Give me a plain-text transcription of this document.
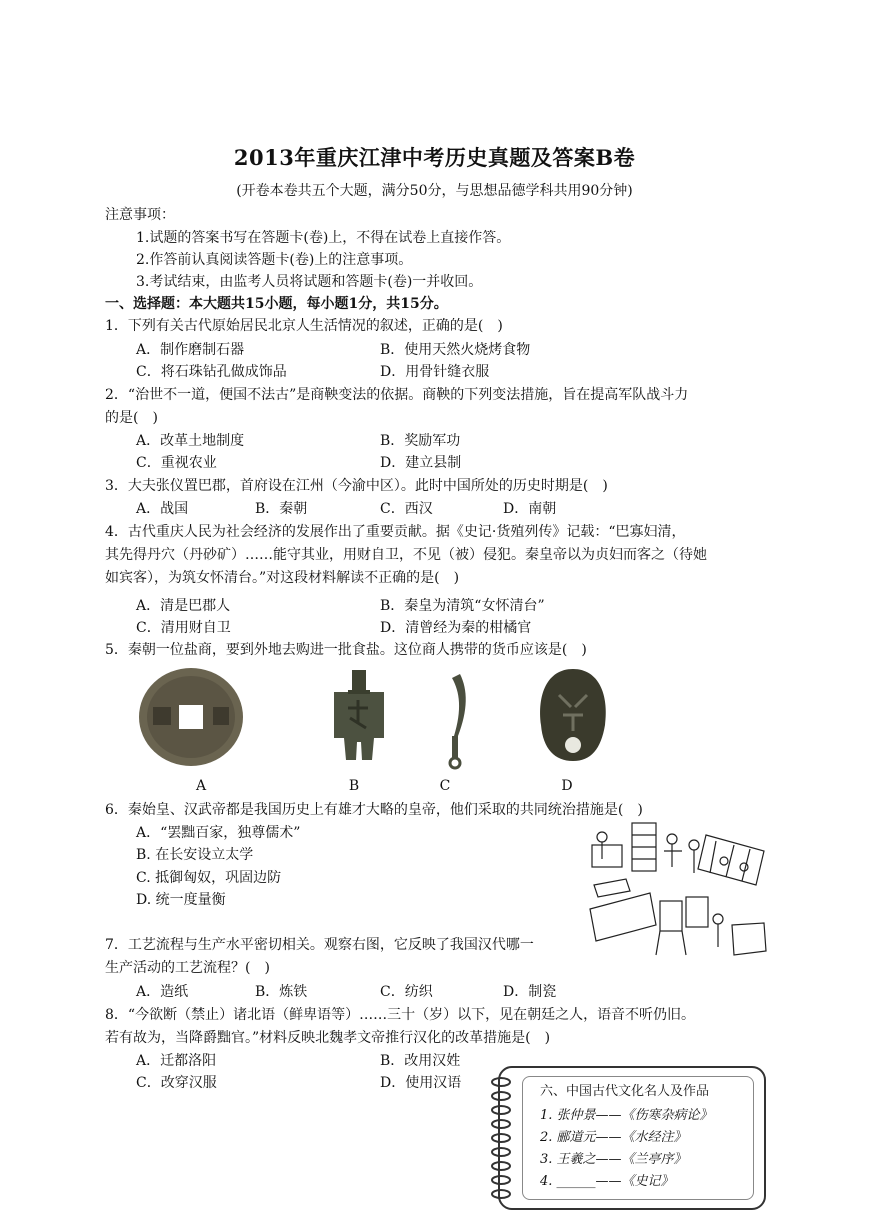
2013年重庆江津中考历史真题及答案B卷
(开卷本卷共五个大题，满分50分，与思想品德学科共用90分钟)
注意事项：
1.试题的答案书写在答题卡(卷)上，不得在试卷上直接作答。
2.作答前认真阅读答题卡(卷)上的注意事项。
3.考试结束，由监考人员将试题和答题卡(卷)一并收回。
一、选择题：本大题共15小题，每小题1分，共15分。
1．下列有关古代原始居民北京人生活情况的叙述，正确的是(　)
A．制作磨制石器	B．使用天然火烧烤食物
C．将石珠钻孔做成饰品	D．用骨针缝衣服
2．“治世不一道，便国不法古”是商鞅变法的依据。商鞅的下列变法措施，旨在提高军队战斗力
的是(　)
A．改革土地制度	B．奖励军功
C．重视农业	D．建立县制
3．大夫张仪置巴郡，首府设在江州（今渝中区）。此时中国所处的历史时期是(　)
A．战国	B．秦朝	C．西汉	D．南朝
4．古代重庆人民为社会经济的发展作出了重要贡献。据《史记·货殖列传》记载：“巴寡妇清，
其先得丹穴（丹砂矿）……能守其业，用财自卫，不见（被）侵犯。秦皇帝以为贞妇而客之（待她
如宾客），为筑女怀清台。”对这段材料解读不正确的是(　)
A．清是巴郡人	B．秦皇为清筑“女怀清台”
C．清用财自卫	D．清曾经为秦的柑橘官
5．秦朝一位盐商，要到外地去购进一批食盐。这位商人携带的货币应该是(　)
A	B	C	D
6．秦始皇、汉武帝都是我国历史上有雄才大略的皇帝，他们采取的共同统治措施是(　)
A．“罢黜百家，独尊儒术”
B. 在长安设立太学
C. 抵御匈奴，巩固边防
D. 统一度量衡
7．工艺流程与生产水平密切相关。观察右图，它反映了我国汉代哪一
生产活动的工艺流程？(　)
A．造纸	B．炼铁	C．纺织	D．制瓷
8．“今欲断（禁止）诸北语（鲜卑语等）……三十（岁）以下，见在朝廷之人，语音不听仍旧。
若有故为，当降爵黜官。”材料反映北魏孝文帝推行汉化的改革措施是(　)
A．迁都洛阳	B．改用汉姓
C．改穿汉服	D．使用汉语
六、中国古代文化名人及作品
1. 张仲景——《伤寒杂病论》
2. 郦道元——《水经注》
3. 王羲之——《兰亭序》
4. ______——《史记》
